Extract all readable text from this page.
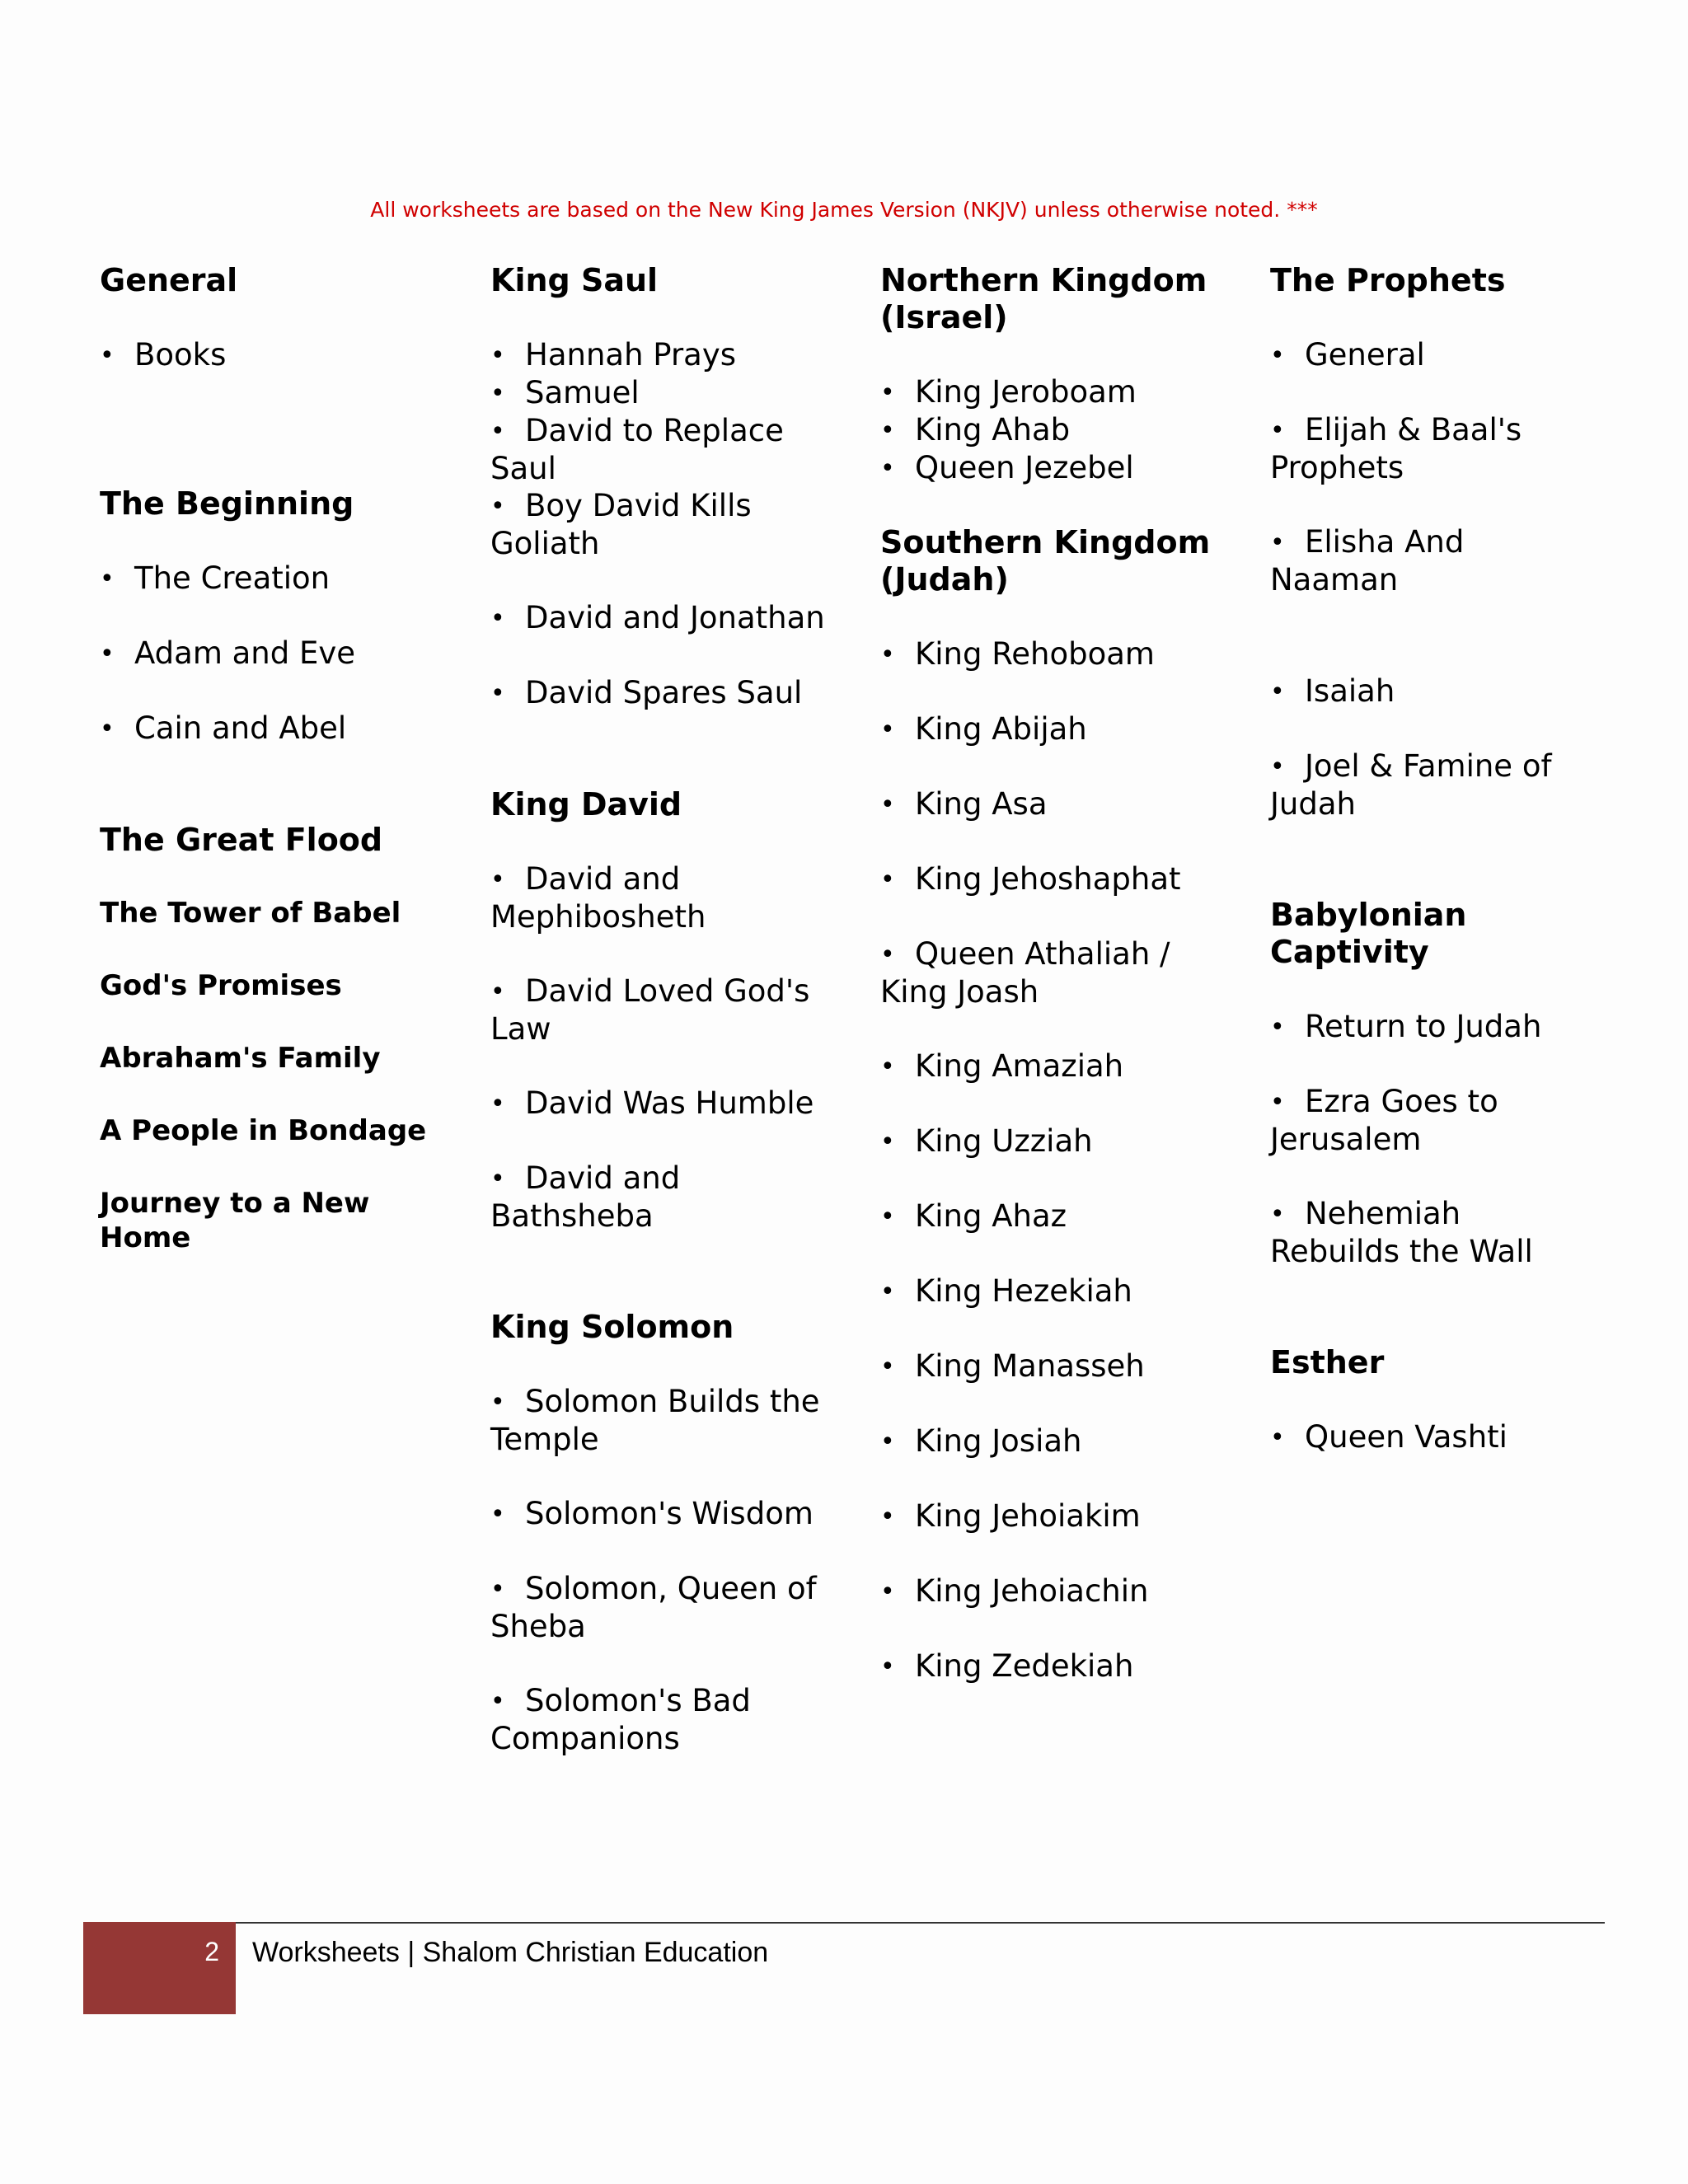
All worksheets are based on the New King James Version (NKJV) unless otherwise noted. ***

General

• Books

The Beginning

• The Creation

• Adam and Eve

• Cain and Abel

The Great Flood

The Tower of Babel

God's Promises

Abraham's Family

A People in Bondage

Journey to a New Home

King Saul

• Hannah Prays

• Samuel

• David to Replace Saul

• Boy David Kills Goliath

• David and Jonathan

• David Spares Saul

King David

• David and Mephibosheth

• David Loved God's Law

• David Was Humble

• David and Bathsheba

King Solomon

• Solomon Builds the Temple

• Solomon's Wisdom

• Solomon, Queen of Sheba

• Solomon's Bad Companions

Northern Kingdom (Israel)

• King Jeroboam

• King Ahab

• Queen Jezebel

Southern Kingdom (Judah)

• King Rehoboam

• King Abijah

• King Asa

• King Jehoshaphat

• Queen Athaliah / King Joash

• King Amaziah

• King Uzziah

• King Ahaz

• King Hezekiah

• King Manasseh

• King Josiah

• King Jehoiakim

• King Jehoiachin

• King Zedekiah

The Prophets

• General

• Elijah & Baal's Prophets

• Elisha And Naaman

• Isaiah

• Joel & Famine of Judah

Babylonian Captivity

• Return to Judah

• Ezra Goes to Jerusalem

• Nehemiah Rebuilds the Wall

Esther

• Queen Vashti

2 Worksheets | Shalom Christian Education
